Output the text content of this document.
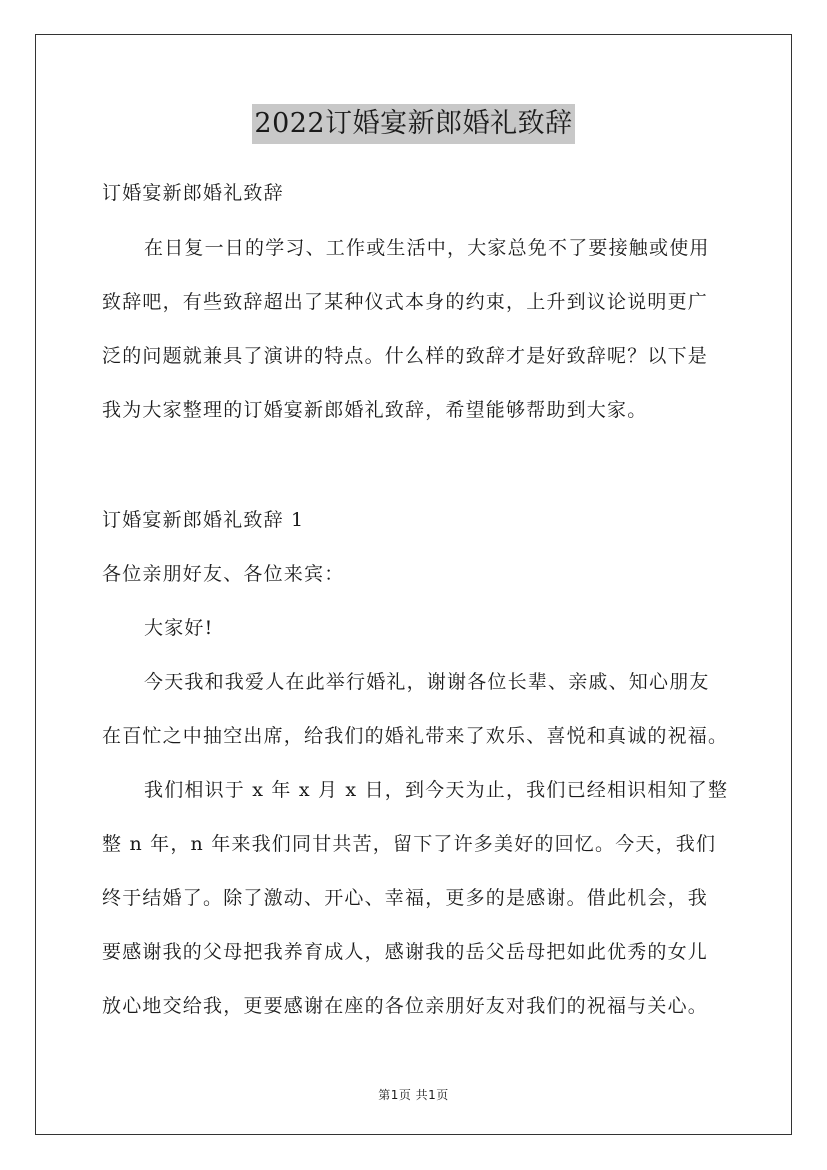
2022订婚宴新郎婚礼致辞
订婚宴新郎婚礼致辞
在日复一日的学习、工作或生活中，大家总免不了要接触或使用
致辞吧，有些致辞超出了某种仪式本身的约束，上升到议论说明更广
泛的问题就兼具了演讲的特点。什么样的致辞才是好致辞呢？以下是
我为大家整理的订婚宴新郎婚礼致辞，希望能够帮助到大家。
订婚宴新郎婚礼致辞 1
各位亲朋好友、各位来宾：
大家好!
今天我和我爱人在此举行婚礼，谢谢各位长辈、亲戚、知心朋友
在百忙之中抽空出席，给我们的婚礼带来了欢乐、喜悦和真诚的祝福。
我们相识于 x 年 x 月 x 日，到今天为止，我们已经相识相知了整
整 n 年，n 年来我们同甘共苦，留下了许多美好的回忆。今天，我们
终于结婚了。除了激动、开心、幸福，更多的是感谢。借此机会，我
要感谢我的父母把我养育成人，感谢我的岳父岳母把如此优秀的女儿
放心地交给我，更要感谢在座的各位亲朋好友对我们的祝福与关心。
第1页 共1页
